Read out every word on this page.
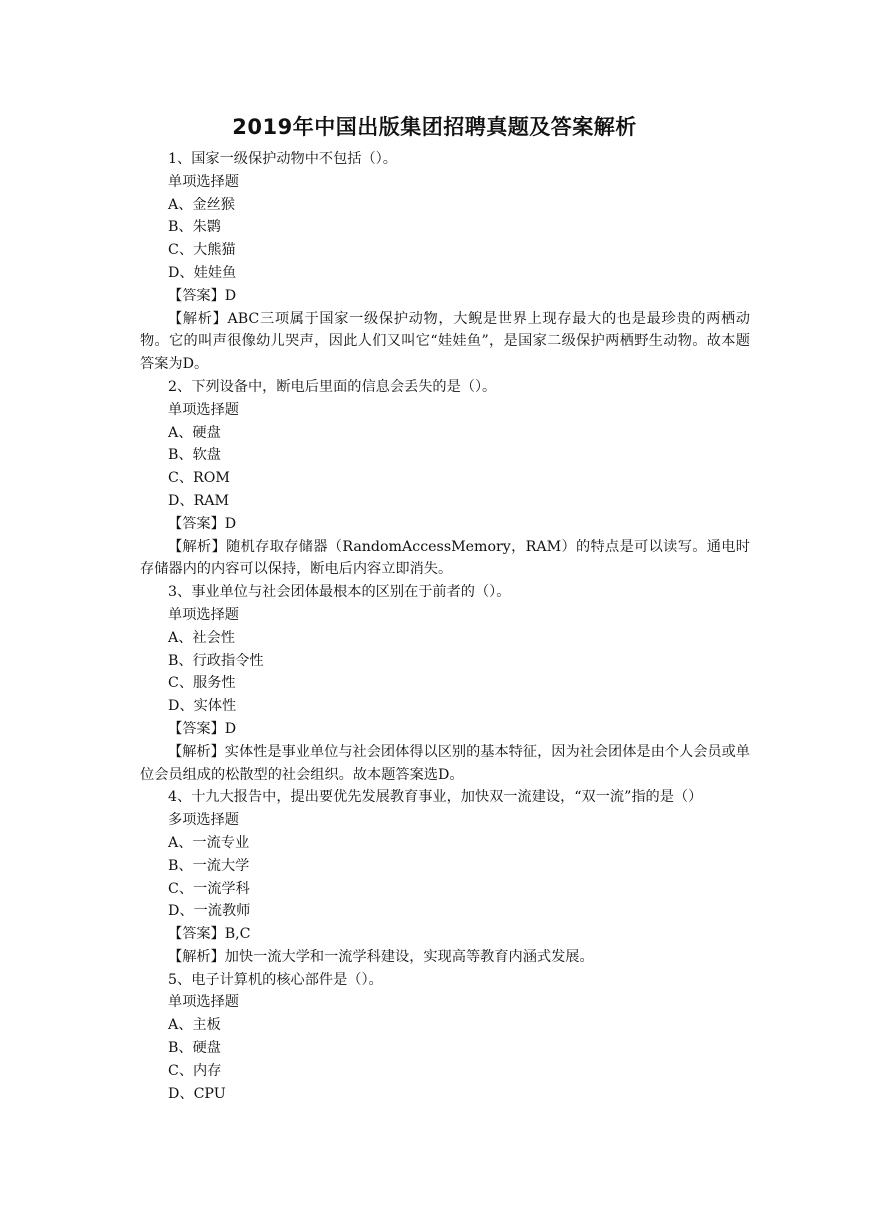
2019年中国出版集团招聘真题及答案解析

1、国家一级保护动物中不包括（）。

单项选择题

A、金丝猴

B、朱鹮

C、大熊猫

D、娃娃鱼

【答案】D

【解析】ABC三项属于国家一级保护动物，大鲵是世界上现存最大的也是最珍贵的两栖动物。它的叫声很像幼儿哭声，因此人们又叫它“娃娃鱼”，是国家二级保护两栖野生动物。故本题答案为D。

2、下列设备中，断电后里面的信息会丢失的是（）。

单项选择题

A、硬盘

B、软盘

C、ROM

D、RAM

【答案】D

【解析】随机存取存储器（RandomAccessMemory，RAM）的特点是可以读写。通电时存储器内的内容可以保持，断电后内容立即消失。

3、事业单位与社会团体最根本的区别在于前者的（）。

单项选择题

A、社会性

B、行政指令性

C、服务性

D、实体性

【答案】D

【解析】实体性是事业单位与社会团体得以区别的基本特征，因为社会团体是由个人会员或单位会员组成的松散型的社会组织。故本题答案选D。

4、十九大报告中，提出要优先发展教育事业，加快双一流建设，“双一流”指的是（）

多项选择题

A、一流专业

B、一流大学

C、一流学科

D、一流教师

【答案】B,C

【解析】加快一流大学和一流学科建设，实现高等教育内涵式发展。

5、电子计算机的核心部件是（）。

单项选择题

A、主板

B、硬盘

C、内存

D、CPU
